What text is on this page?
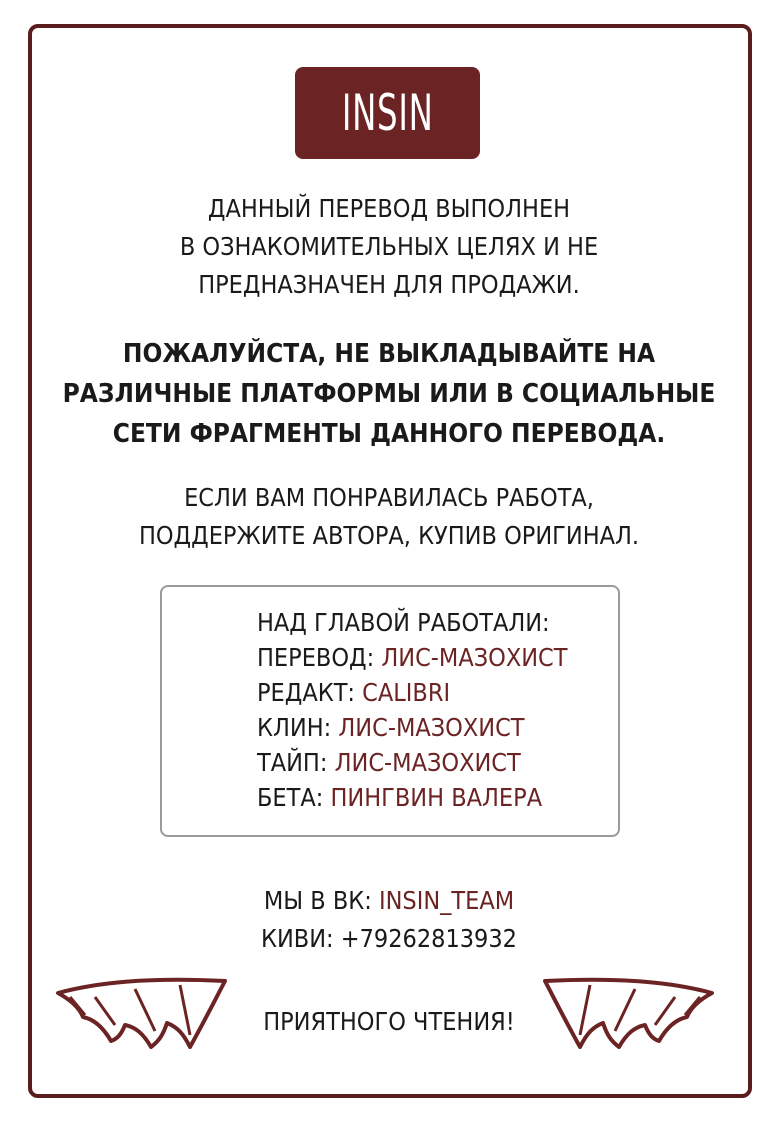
INSIN
ДАННЫЙ ПЕРЕВОД ВЫПОЛНЕН
В ОЗНАКОМИТЕЛЬНЫХ ЦЕЛЯХ И НЕ
ПРЕДНАЗНАЧЕН ДЛЯ ПРОДАЖИ.
ПОЖАЛУЙСТА, НЕ ВЫКЛАДЫВАЙТЕ НА
РАЗЛИЧНЫЕ ПЛАТФОРМЫ ИЛИ В СОЦИАЛЬНЫЕ
СЕТИ ФРАГМЕНТЫ ДАННОГО ПЕРЕВОДА.
ЕСЛИ ВАМ ПОНРАВИЛАСЬ РАБОТА,
ПОДДЕРЖИТЕ АВТОРА, КУПИВ ОРИГИНАЛ.
НАД ГЛАВОЙ РАБОТАЛИ:
ПЕРЕВОД: ЛИС-МАЗОХИСТ
РЕДАКТ: CALIBRI
КЛИН: ЛИС-МАЗОХИСТ
ТАЙП: ЛИС-МАЗОХИСТ
БЕТА: ПИНГВИН ВАЛЕРА
МЫ В ВК: INSIN_TEAM
КИВИ: +79262813932
ПРИЯТНОГО ЧТЕНИЯ!
